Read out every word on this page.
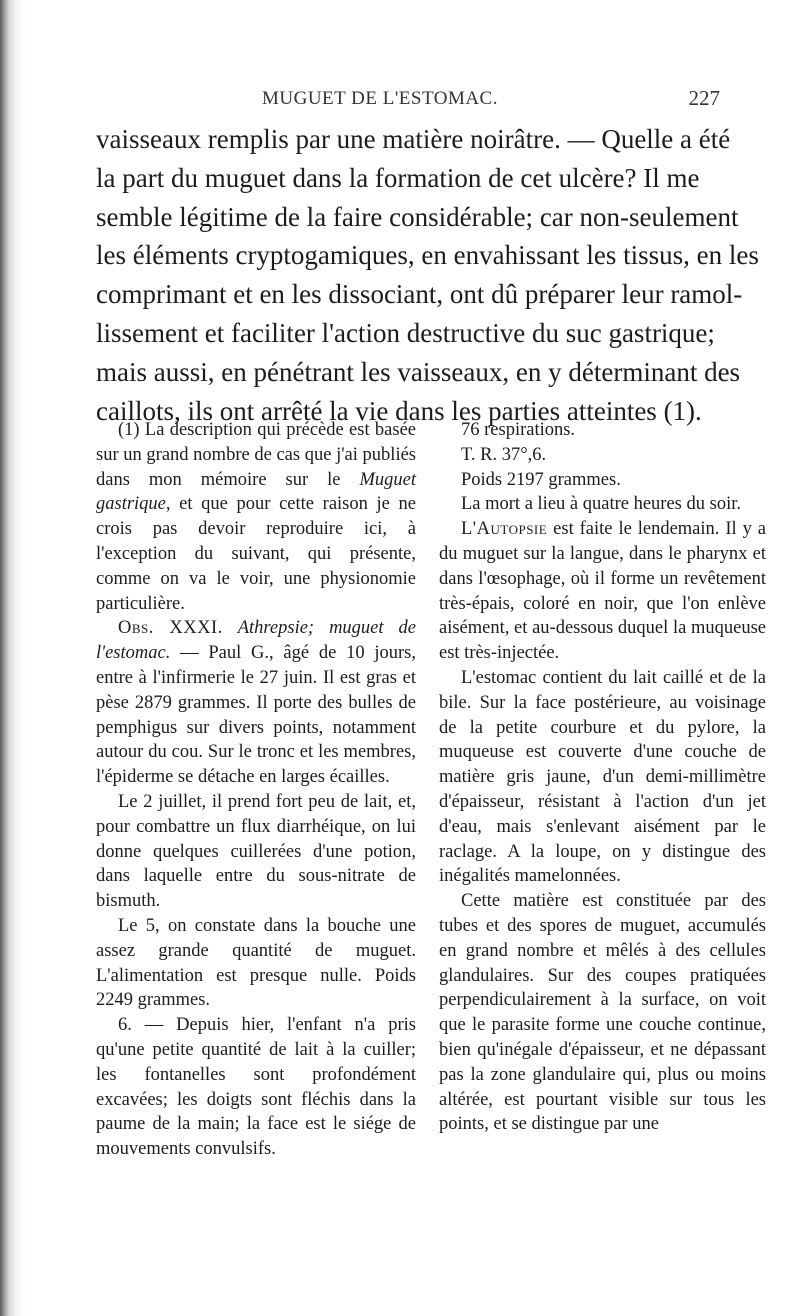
MUGUET DE L'ESTOMAC.	227
vaisseaux remplis par une matière noirâtre. — Quelle a été
la part du muguet dans la formation de cet ulcère? Il me
semble légitime de la faire considérable; car non-seulement
les éléments cryptogamiques, en envahissant les tissus, en les
comprimant et en les dissociant, ont dû préparer leur ramol-
lissement et faciliter l'action destructive du suc gastrique;
mais aussi, en pénétrant les vaisseaux, en y déterminant des
caillots, ils ont arrêté la vie dans les parties atteintes (1).

(1) La description qui précède est basée sur un grand nombre de cas que j'ai publiés dans mon mémoire sur le Muguet gastrique, et que pour cette raison je ne crois pas devoir reproduire ici, à l'exception du suivant, qui présente, comme on va le voir, une physionomie particulière.

Obs. XXXI. Athrepsie; muguet de l'estomac. — Paul G., âgé de 10 jours, entre à l'infirmerie le 27 juin. Il est gras et pèse 2879 grammes. Il porte des bulles de pemphigus sur divers points, notamment autour du cou. Sur le tronc et les membres, l'épiderme se détache en larges écailles.

Le 2 juillet, il prend fort peu de lait, et, pour combattre un flux diarrhéique, on lui donne quelques cuillerées d'une potion, dans laquelle entre du sous-nitrate de bismuth.

Le 5, on constate dans la bouche une assez grande quantité de muguet. L'alimentation est presque nulle. Poids 2249 grammes.

6. — Depuis hier, l'enfant n'a pris qu'une petite quantité de lait à la cuiller; les fontanelles sont profondément excavées; les doigts sont fléchis dans la paume de la main; la face est le siége de mouvements convulsifs.

76 respirations.

T. R. 37°,6.

Poids 2197 grammes.

La mort a lieu à quatre heures du soir.

L'Autopsie est faite le lendemain. Il y a du muguet sur la langue, dans le pharynx et dans l'œsophage, où il forme un revêtement très-épais, coloré en noir, que l'on enlève aisément, et au-dessous duquel la muqueuse est très-injectée.

L'estomac contient du lait caillé et de la bile. Sur la face postérieure, au voisinage de la petite courbure et du pylore, la muqueuse est couverte d'une couche de matière gris jaune, d'un demi-millimètre d'épaisseur, résistant à l'action d'un jet d'eau, mais s'enlevant aisément par le raclage. A la loupe, on y distingue des inégalités mamelonnées.

Cette matière est constituée par des tubes et des spores de muguet, accumulés en grand nombre et mêlés à des cellules glandulaires. Sur des coupes pratiquées perpendiculairement à la surface, on voit que le parasite forme une couche continue, bien qu'inégale d'épaisseur, et ne dépassant pas la zone glandulaire qui, plus ou moins altérée, est pourtant visible sur tous les points, et se distingue par une
